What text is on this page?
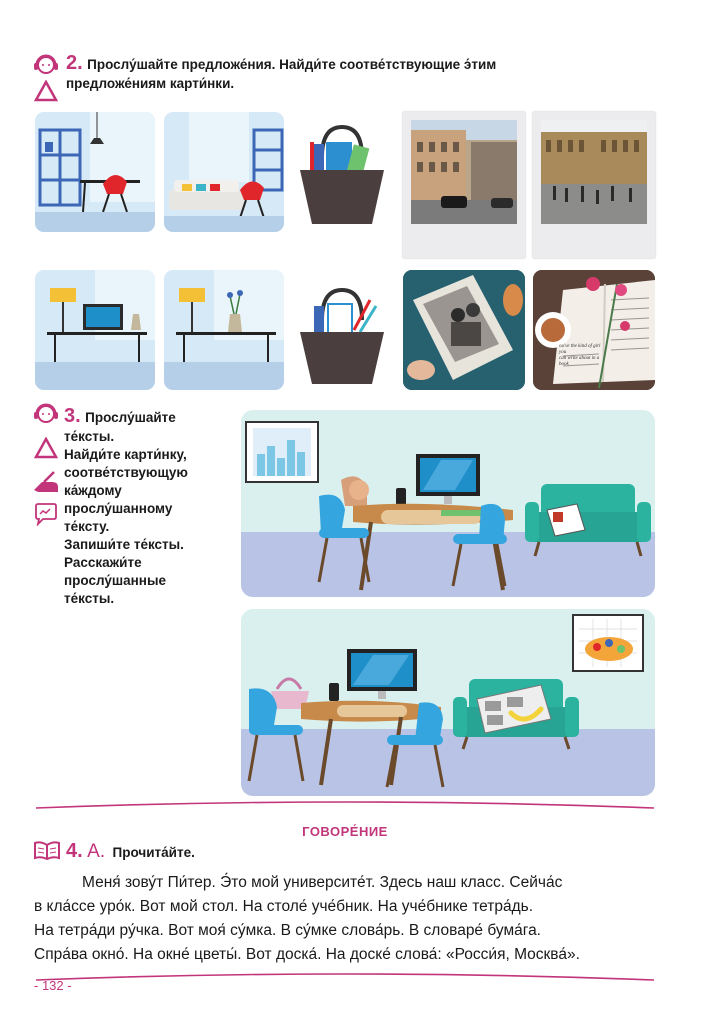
2. Прослу́шайте предложе́ния. Найди́те соотве́тствующие э́тим
предложе́ниям карти́нки.
ou've the kind of girl you
can write about in a book
3. Прослу́шайте
те́ксты.
Найди́те карти́нку,
соотве́тствующую
ка́ждому
прослу́шанному
те́ксту.
Запиши́те те́ксты.
Расскажи́те
прослу́шанные
те́ксты.
ГОВОРЕ́НИЕ
4. А. Прочита́йте.
Меня́ зову́т Пи́тер. Э́то мой университе́т. Здесь наш класс. Сейча́с
в кла́ссе уро́к. Вот мой стол. На столе́ уче́бник. На уче́бнике тетра́дь.
На тетра́ди ру́чка. Вот моя́ су́мка. В су́мке слова́рь. В словаре́ бума́га.
Спра́ва окно́. На окне́ цветы́. Вот доска́. На доске́ слова́: «Росси́я, Москва́».
- 132 -
